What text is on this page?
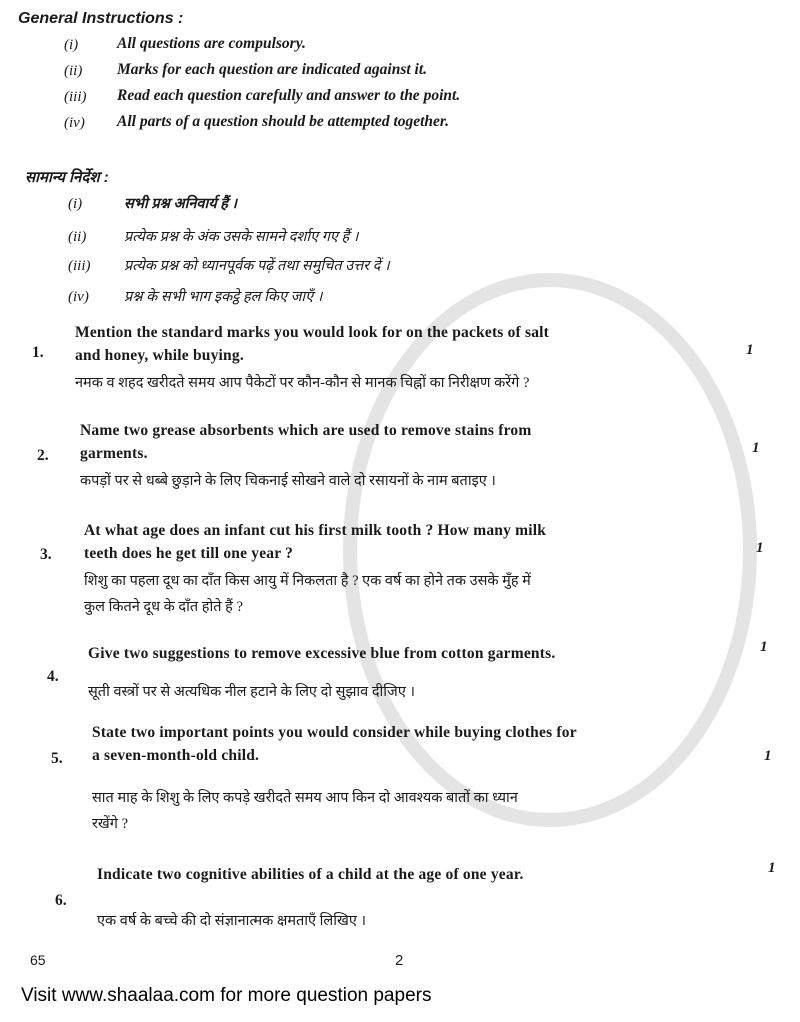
General Instructions :
सामान्य निर्देश :
2
65
Visit www.shaalaa.com for more question papers
(i)	All questions are compulsory.
(ii) Marks for each question are indicated against it.
(iii) Read each question carefully and answer to the point.
(iv) All parts of a question should be attempted together.
(i)	सभी प्रश्न अनिवार्य हैं ।
(ii)	प्रत्येक प्रश्न के अंक उसके सामने दर्शाए गए हैं ।
(iii) प्रत्येक प्रश्न को ध्यानपूर्वक पढ़ें तथा समुचित उत्तर दें ।
(iv) प्रश्न के सभी भाग इकट्ठे हल किए जाएँ ।
1.
Mention the standard marks you would look for on the packets of salt
and honey, while buying.
नमक व शहद खरीदते समय आप पैकेटों पर कौन-कौन से मानक चिह्नों का निरीक्षण करेंगे ?
1
2.
Name two grease absorbents which are used to remove stains from
garments.
कपड़ों पर से धब्बे छुड़ाने के लिए चिकनाई सोखने वाले दो रसायनों के नाम बताइए ।
1
3.
At what age does an infant cut his first milk tooth ? How many milk
teeth does he get till one year ?
शिशु का पहला दूध का दाँत किस आयु में निकलता है ? एक वर्ष का होने तक उसके मुँह में
कुल कितने दूध के दाँत होते हैं ?
1
4.
Give two suggestions to remove excessive blue from cotton garments.
सूती वस्त्रों पर से अत्यधिक नील हटाने के लिए दो सुझाव दीजिए ।
1
5.
State two important points you would consider while buying clothes for
a seven-month-old child.
सात माह के शिशु के लिए कपड़े खरीदते समय आप किन दो आवश्यक बातों का ध्यान
रखेंगे ?
1
6.
Indicate two cognitive abilities of a child at the age of one year.
एक वर्ष के बच्चे की दो संज्ञानात्मक क्षमताएँ लिखिए ।
1
